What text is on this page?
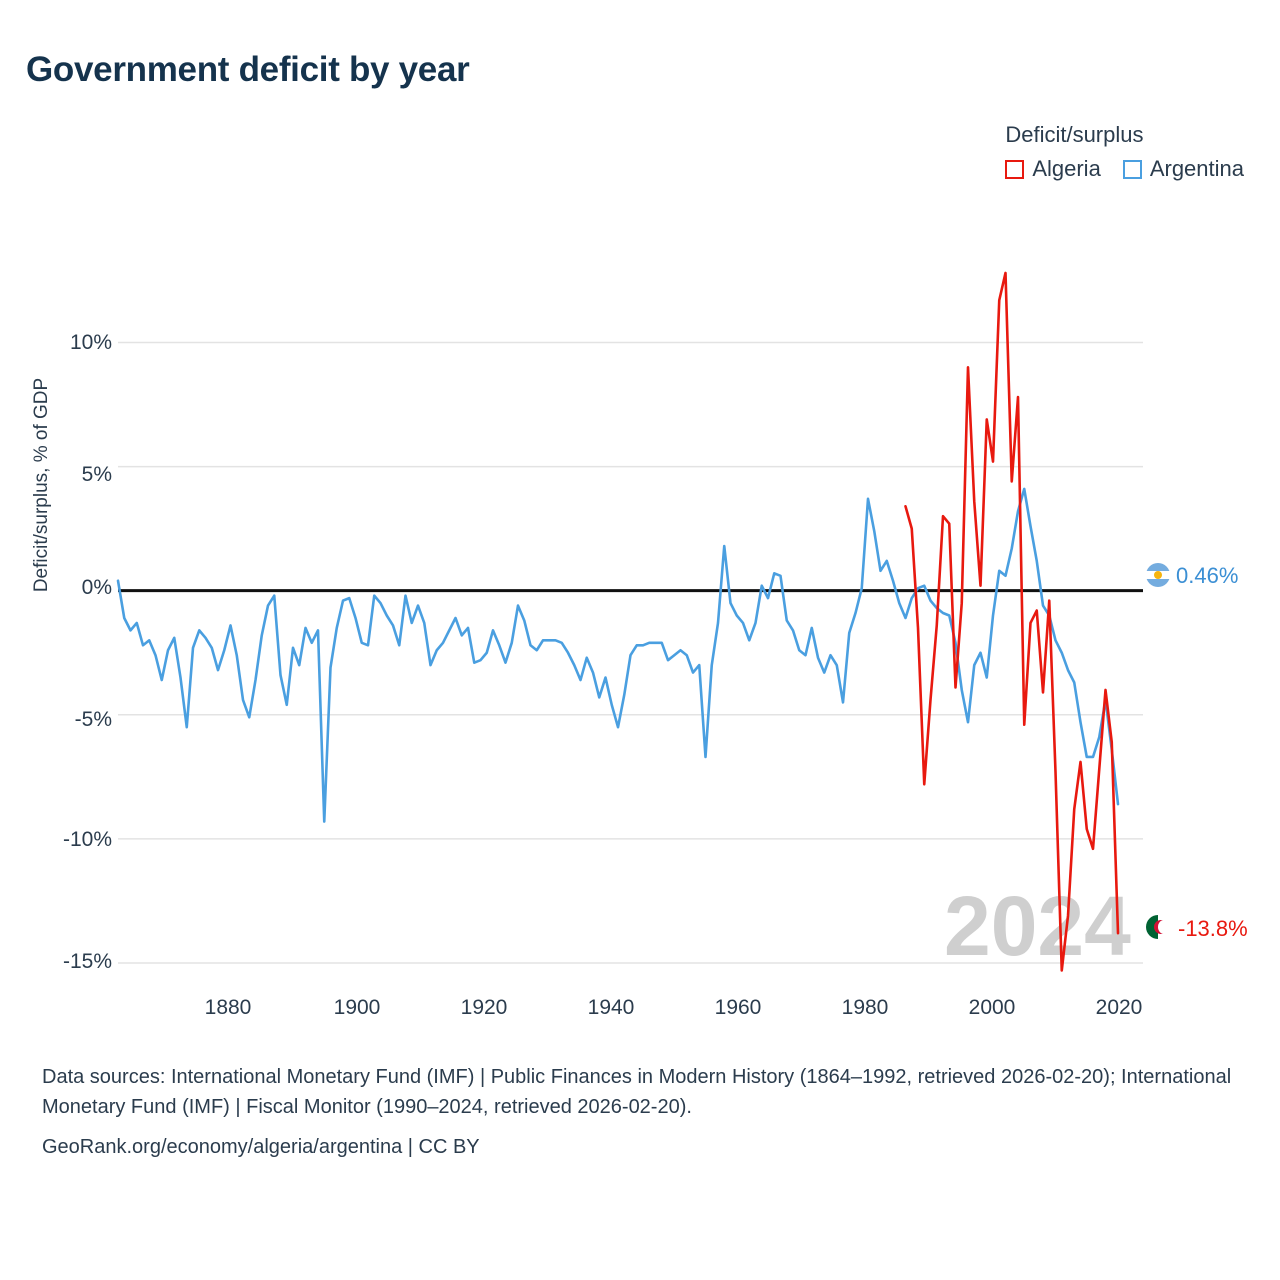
Government deficit by year
Deficit/surplus
Algeria Argentina
Deficit/surplus, % of GDP
10%
5%
0%
-5%
-10%
-15%
1880	1900	1920	1940	1960	1980	2000	2020
2024
0.46%
-13.8%
Data sources: International Monetary Fund (IMF) | Public Finances in Modern History (1864–1992, retrieved 2026-02-20); International Monetary Fund (IMF) | Fiscal Monitor (1990–2024, retrieved 2026-02-20).
GeoRank.org/economy/algeria/argentina | CC BY
